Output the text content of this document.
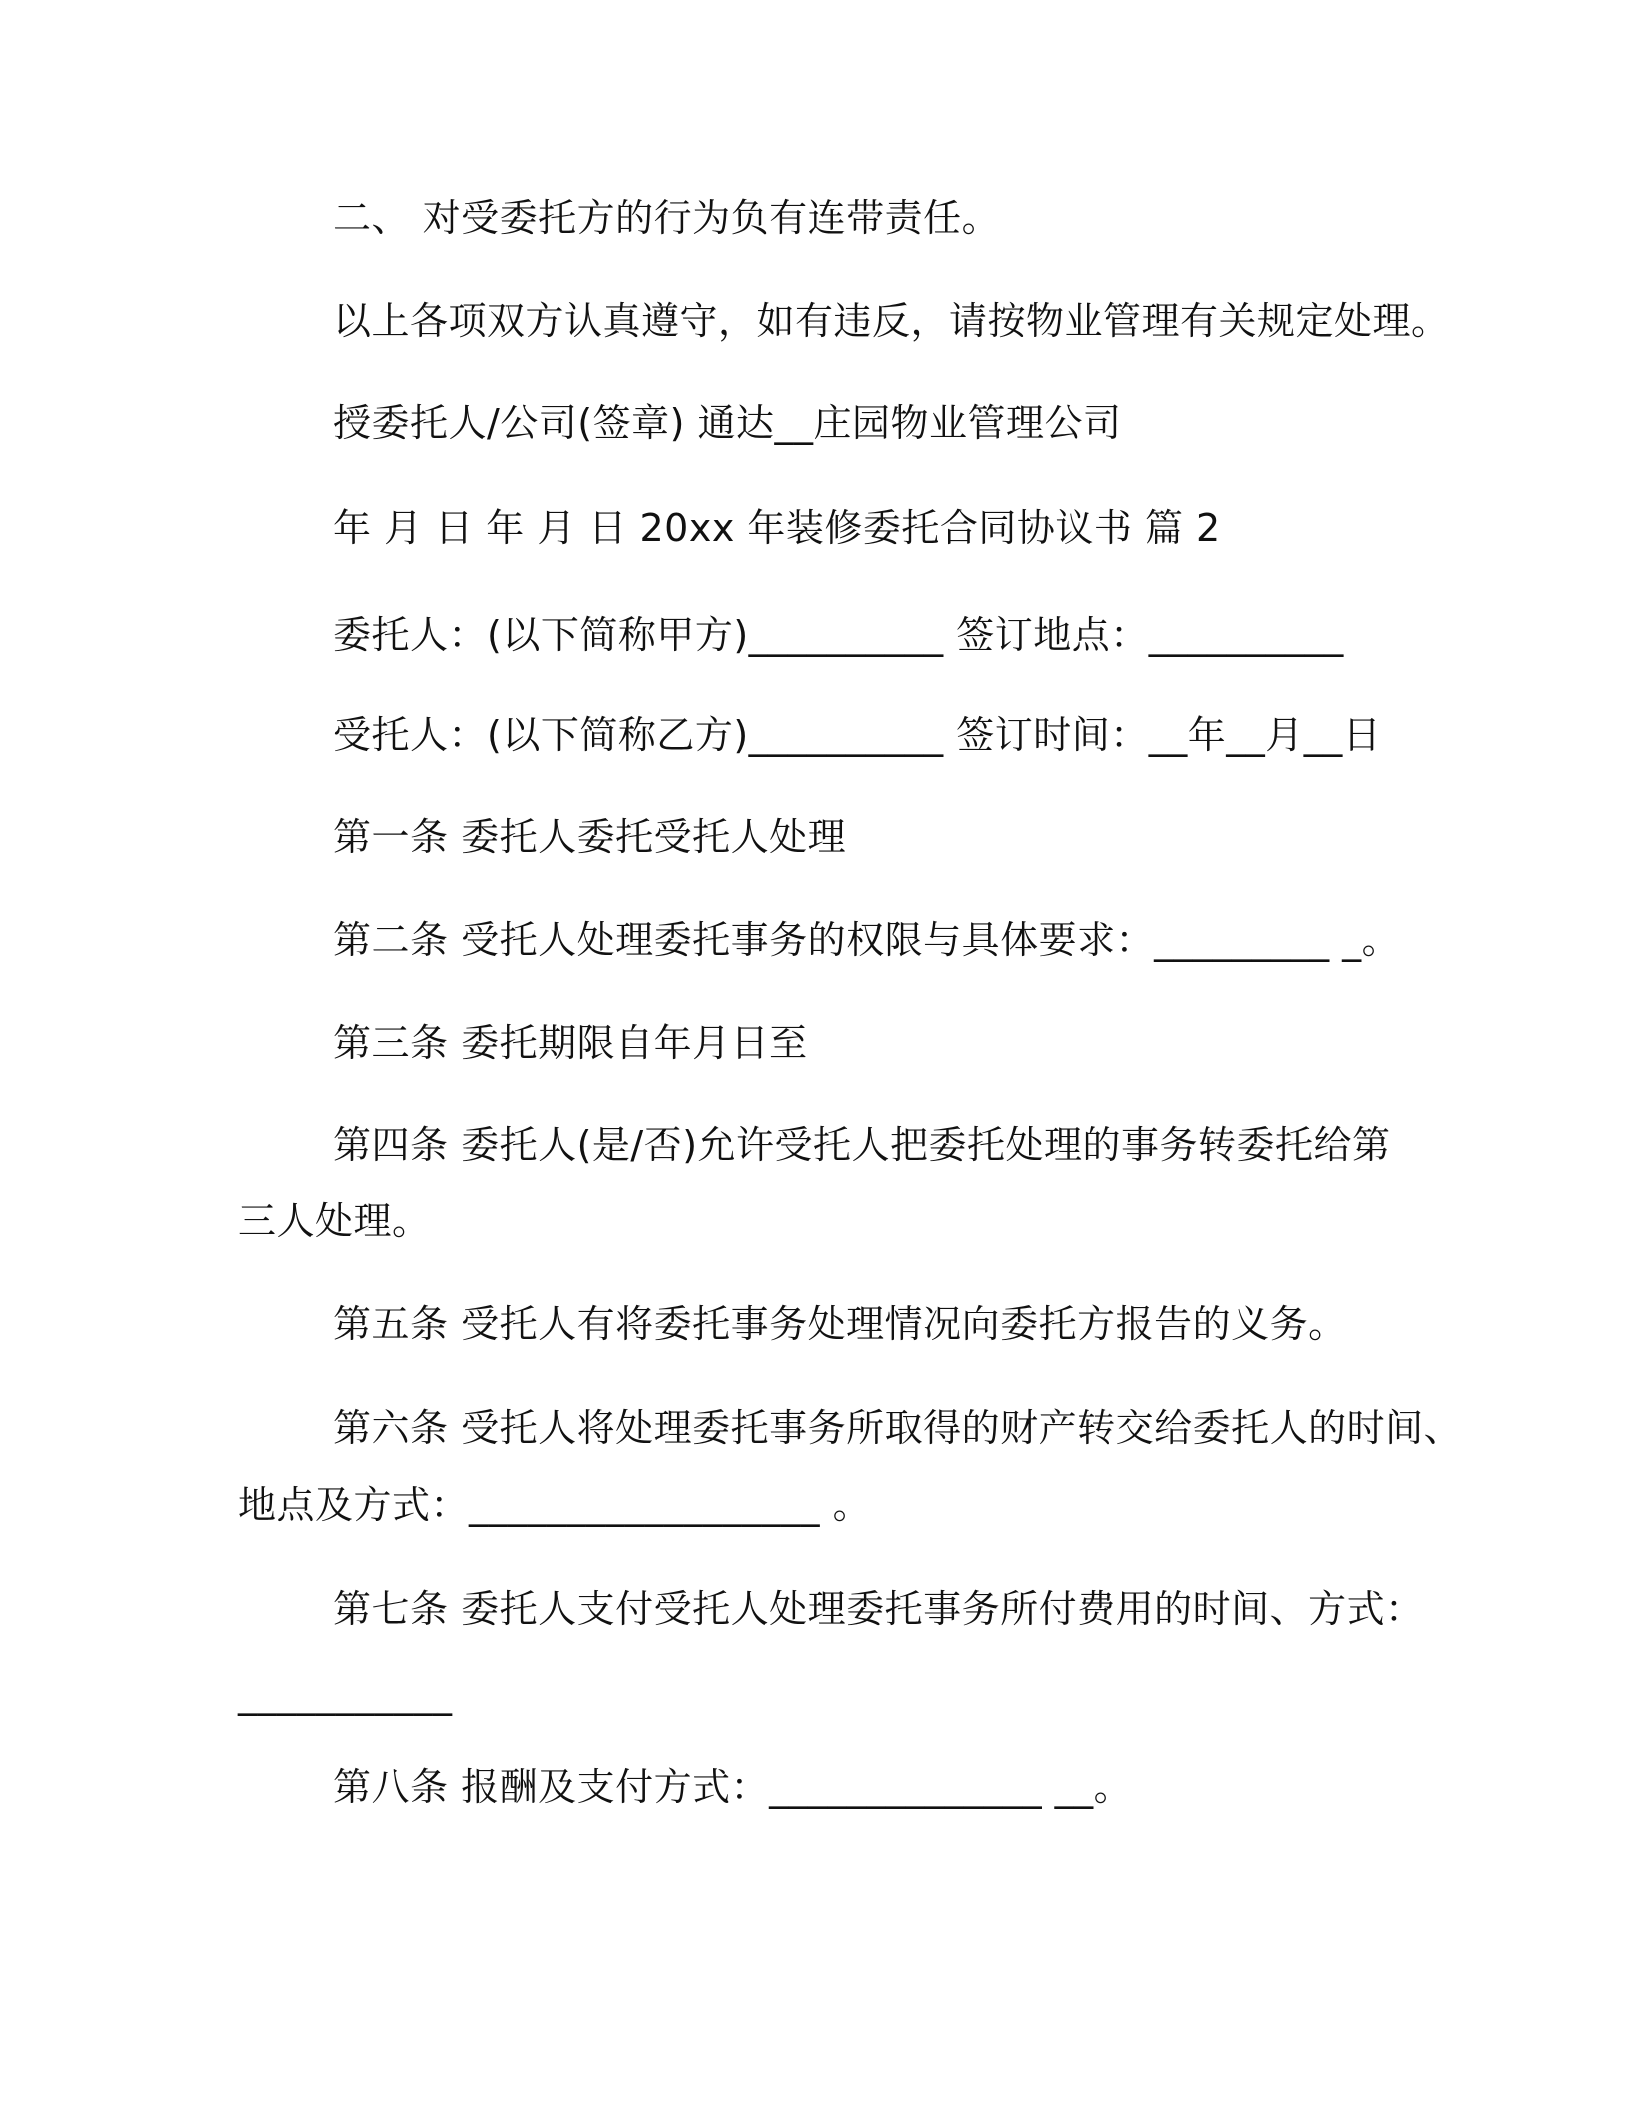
二、 对受委托方的行为负有连带责任。
以上各项双方认真遵守，如有违反，请按物业管理有关规定处理。
授委托人/公司(签章) 通达__庄园物业管理公司
年 月 日 年 月 日 20xx 年装修委托合同协议书 篇 2
委托人：(以下简称甲方)__________ 签订地点：__________
受托人：(以下简称乙方)__________ 签订时间：__年__月__日
第一条 委托人委托受托人处理
第二条 受托人处理委托事务的权限与具体要求：_________ _。
第三条 委托期限自年月日至
第四条 委托人(是/否)允许受托人把委托处理的事务转委托给第
三人处理。
第五条 受托人有将委托事务处理情况向委托方报告的义务。
第六条 受托人将处理委托事务所取得的财产转交给委托人的时间、
地点及方式：__________________ 。
第七条 委托人支付受托人处理委托事务所付费用的时间、方式：
___________
第八条 报酬及支付方式：______________ __。
